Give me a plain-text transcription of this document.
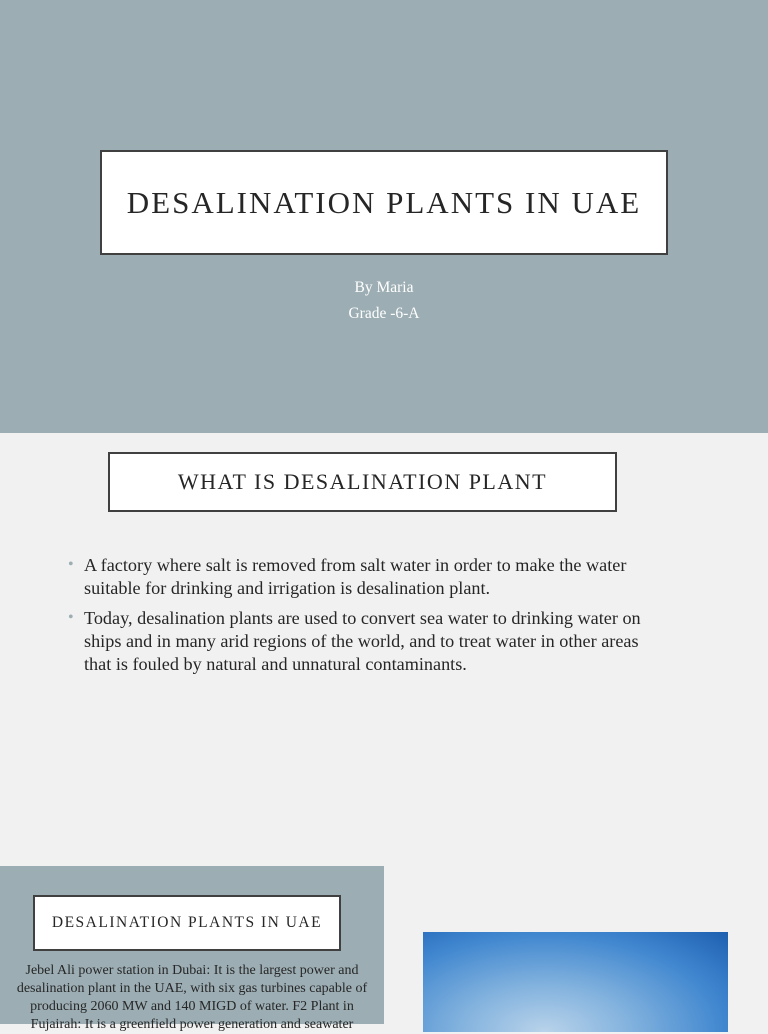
DESALINATION PLANTS IN UAE
By Maria
Grade -6-A
WHAT IS DESALINATION PLANT
• A factory where salt is removed from salt water in order to make the water suitable for drinking and irrigation is desalination plant.
• Today, desalination plants are used to convert sea water to drinking water on ships and in many arid regions of the world, and to treat water in other areas that is fouled by natural and unnatural contaminants.
DESALINATION PLANTS IN UAE

Jebel Ali power station in Dubai: It is the largest power and desalination plant in the UAE, with six gas turbines capable of producing 2060 MW and 140 MIGD of water. F2 Plant in Fujairah: It is a greenfield power generation and seawater
